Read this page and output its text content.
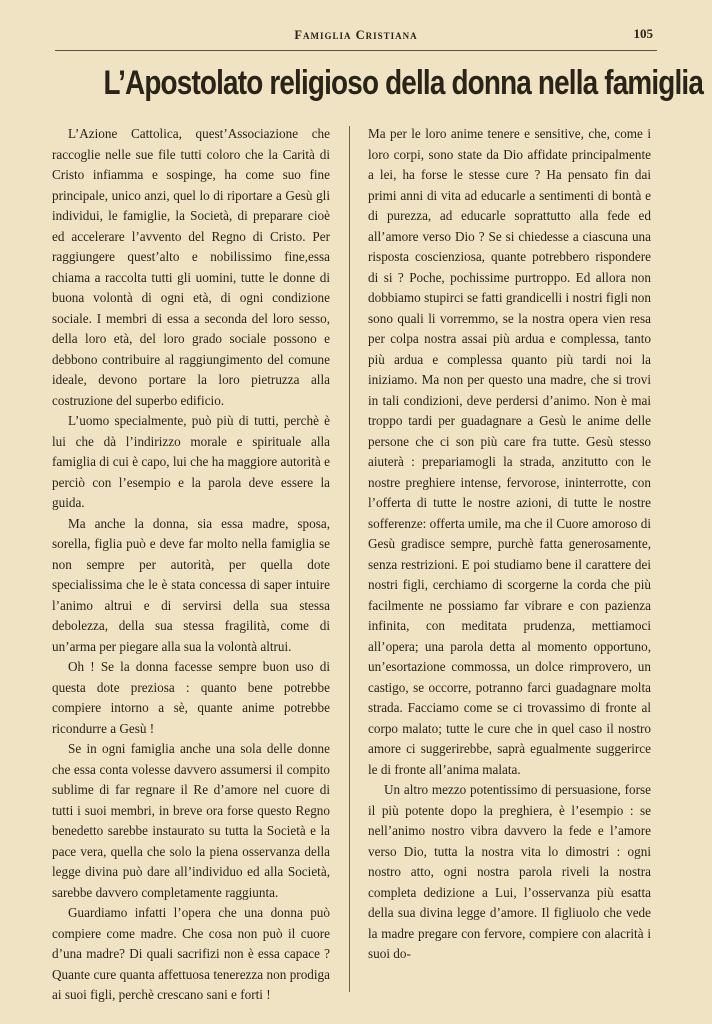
Famiglia Cristiana	105
L’Apostolato religioso della donna nella famiglia

L’Azione Cattolica, quest’Associazione che raccoglie nelle sue file tutti coloro che la Carità di Cristo infiamma e sospinge, ha come suo fine principale, unico anzi, quel lo di riportare a Gesù gli individui, le famiglie, la Società, di preparare cioè ed accelerare l’avvento del Regno di Cristo. Per raggiungere quest’alto e nobilissimo fine,essa chiama a raccolta tutti gli uomini, tutte le donne di buona volontà di ogni età, di ogni condizione sociale. I membri di essa a seconda del loro sesso, della loro età, del loro grado sociale possono e debbono contribuire al raggiungimento del comune ideale, devono portare la loro pietruzza alla costruzione del superbo edificio.

L’uomo specialmente, può più di tutti, perchè è lui che dà l’indirizzo morale e spirituale alla famiglia di cui è capo, lui che ha maggiore autorità e perciò con l’esempio e la parola deve essere la guida.

Ma anche la donna, sia essa madre, sposa, sorella, figlia può e deve far molto nella famiglia se non sempre per autorità, per quella dote specialissima che le è stata concessa di saper intuire l’animo altrui e di servirsi della sua stessa debolezza, della sua stessa fragilità, come di un’arma per piegare alla sua la volontà altrui.

Oh ! Se la donna facesse sempre buon uso di questa dote preziosa : quanto bene potrebbe compiere intorno a sè, quante anime potrebbe ricondurre a Gesù !

Se in ogni famiglia anche una sola delle donne che essa conta volesse davvero assumersi il compito sublime di far regnare il Re d’amore nel cuore di tutti i suoi membri, in breve ora forse questo Regno benedetto sarebbe instaurato su tutta la Società e la pace vera, quella che solo la piena osservanza della legge divina può dare all’individuo ed alla Società, sarebbe davvero completamente raggiunta.

Guardiamo infatti l’opera che una donna può compiere come madre. Che cosa non può il cuore d’una madre? Di quali sacrifizi non è essa capace ? Quante cure quanta affettuosa tenerezza non prodiga ai suoi figli, perchè crescano sani e forti !

Ma per le loro anime tenere e sensitive, che, come i loro corpi, sono state da Dio affidate principalmente a lei, ha forse le stesse cure ? Ha pensato fin dai primi anni di vita ad educarle a sentimenti di bontà e di purezza, ad educarle soprattutto alla fede ed all’amore verso Dio ? Se si chiedesse a ciascuna una risposta coscienziosa, quante potrebbero rispondere di si ? Poche, pochissime purtroppo. Ed allora non dobbiamo stupirci se fatti grandicelli i nostri figli non sono quali li vorremmo, se la nostra opera vien resa per colpa nostra assai più ardua e complessa, tanto più ardua e complessa quanto più tardi noi la iniziamo. Ma non per questo una madre, che si trovi in tali condizioni, deve perdersi d’animo. Non è mai troppo tardi per guadagnare a Gesù le anime delle persone che ci son più care fra tutte. Gesù stesso aiuterà : prepariamogli la strada, anzitutto con le nostre preghiere intense, fervorose, ininterrotte, con l’offerta di tutte le nostre azioni, di tutte le nostre sofferenze: offerta umile, ma che il Cuore amoroso di Gesù gradisce sempre, purchè fatta generosamente, senza restrizioni. E poi studiamo bene il carattere dei nostri figli, cerchiamo di scorgerne la corda che più facilmente ne possiamo far vibrare e con pazienza infinita, con meditata prudenza, mettiamoci all’opera; una parola detta al momento opportuno, un’esortazione commossa, un dolce rimprovero, un castigo, se occorre, potranno farci guadagnare molta strada. Facciamo come se ci trovassimo di fronte al corpo malato; tutte le cure che in quel caso il nostro amore ci suggerirebbe, saprà egualmente suggerirce le di fronte all’anima malata.

Un altro mezzo potentissimo di persuasione, forse il più potente dopo la preghiera, è l’esempio : se nell’animo nostro vibra davvero la fede e l’amore verso Dio, tutta la nostra vita lo dimostri : ogni nostro atto, ogni nostra parola riveli la nostra completa dedizione a Lui, l’osservanza più esatta della sua divina legge d’amore. Il figliuolo che vede la madre pregare con fervore, compiere con alacrità i suoi do-
